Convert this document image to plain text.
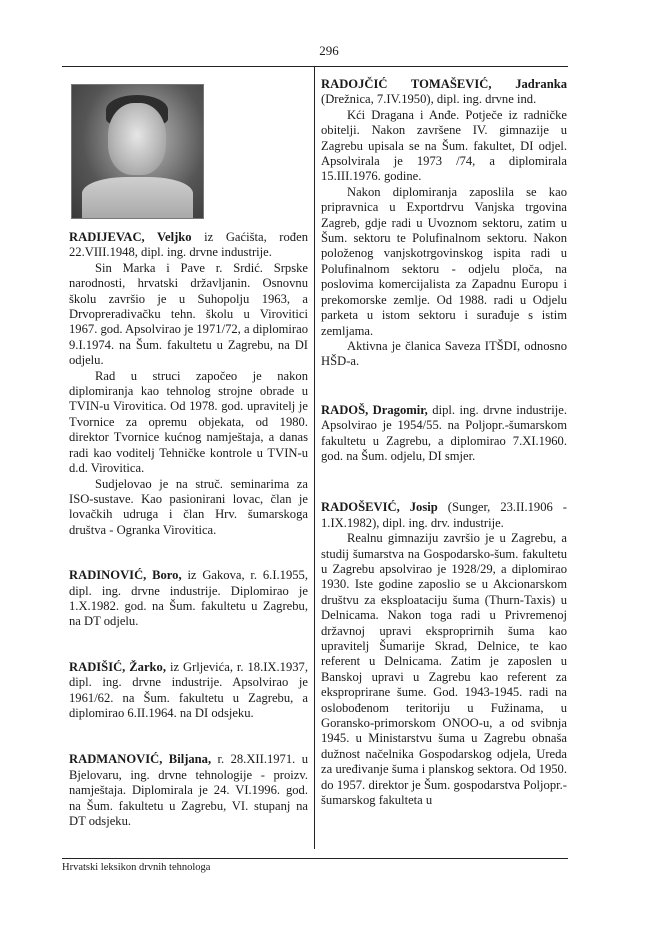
296

RADIJEVAC, Veljko iz Gaćišta, rođen 22.VIII.1948, dipl. ing. drvne industrije.

Sin Marka i Pave r. Srdić. Srpske narodnosti, hrvatski državljanin. Osnovnu školu završio je u Suhopolju 1963, a Drvopreradivačku tehn. školu u Virovitici 1967. god. Apsolvirao je 1971/72, a diplomirao 9.I.1974. na Šum. fakultetu u Zagrebu, na DI odjelu.

Rad u struci započeo je nakon diplomiranja kao tehnolog strojne obrade u TVIN-u Virovitica. Od 1978. god. upravitelj je Tvornice za opremu objekata, od 1980. direktor Tvornice kućnog namještaja, a danas radi kao voditelj Tehničke kontrole u TVIN-u d.d. Virovitica.

Sudjelovao je na struč. seminarima za ISO-sustave. Kao pasionirani lovac, član je lovačkih udruga i član Hrv. šumarskoga društva - Ogranka Virovitica.

RADINOVIĆ, Boro, iz Gakova, r. 6.I.1955, dipl. ing. drvne industrije. Diplomirao je 1.X.1982. god. na Šum. fakultetu u Zagrebu, na DT odjelu.

RADIŠIĆ, Žarko, iz Grljevića, r. 18.IX.1937, dipl. ing. drvne industrije. Apsolvirao je 1961/62. na Šum. fakultetu u Zagrebu, a diplomirao 6.II.1964. na DI odsjeku.

RADMANOVIĆ, Biljana, r. 28.XII.1971. u Bjelovaru, ing. drvne tehnologije - proizv. namještaja. Diplomirala je 24. VI.1996. god. na Šum. fakultetu u Zagrebu, VI. stupanj na DT odsjeku.

RADOJČIĆ TOMAŠEVIĆ, Jadranka (Drežnica, 7.IV.1950), dipl. ing. drvne ind.

Kći Dragana i Anđe. Potječe iz radničke obitelji. Nakon završene IV. gimnazije u Zagrebu upisala se na Šum. fakultet, DI odjel. Apsolvirala je 1973 /74, a diplomirala 15.III.1976. godine.

Nakon diplomiranja zaposlila se kao pripravnica u Exportdrvu Vanjska trgovina Zagreb, gdje radi u Uvoznom sektoru, zatim u Šum. sektoru te Polufinalnom sektoru. Nakon položenog vanjskotrgovinskog ispita radi u Polufinalnom sektoru - odjelu ploča, na poslovima komercijalista za Zapadnu Europu i prekomorske zemlje. Od 1988. radi u Odjelu parketa u istom sektoru i surađuje s istim zemljama.

Aktivna je članica Saveza ITŠDI, odnosno HŠD-a.

RADOŠ, Dragomir, dipl. ing. drvne industrije. Apsolvirao je 1954/55. na Poljopr.-šumarskom fakultetu u Zagrebu, a diplomirao 7.XI.1960. god. na Šum. odjelu, DI smjer.

RADOŠEVIĆ, Josip (Sunger, 23.II.1906 - 1.IX.1982), dipl. ing. drv. industrije.

Realnu gimnaziju završio je u Zagrebu, a studij šumarstva na Gospodarsko-šum. fakultetu u Zagrebu apsolvirao je 1928/29, a diplomirao 1930. Iste godine zaposlio se u Akcionarskom društvu za eksploataciju šuma (Thurn-Taxis) u Delnicama. Nakon toga radi u Privremenoj državnoj upravi eksproprirnih šuma kao upravitelj Šumarije Skrad, Delnice, te kao referent u Delnicama. Zatim je zaposlen u Banskoj upravi u Zagrebu kao referent za eksproprirane šume. God. 1943-1945. radi na oslobođenom teritoriju u Fužinama, u Goransko-primorskom ONOO-u, a od svibnja 1945. u Ministarstvu šuma u Zagrebu obnaša dužnost načelnika Gospodarskog odjela, Ureda za uređivanje šuma i planskog sektora. Od 1950. do 1957. direktor je Šum. gospodarstva Poljopr.-šumarskog fakulteta u

Hrvatski leksikon drvnih tehnologa
